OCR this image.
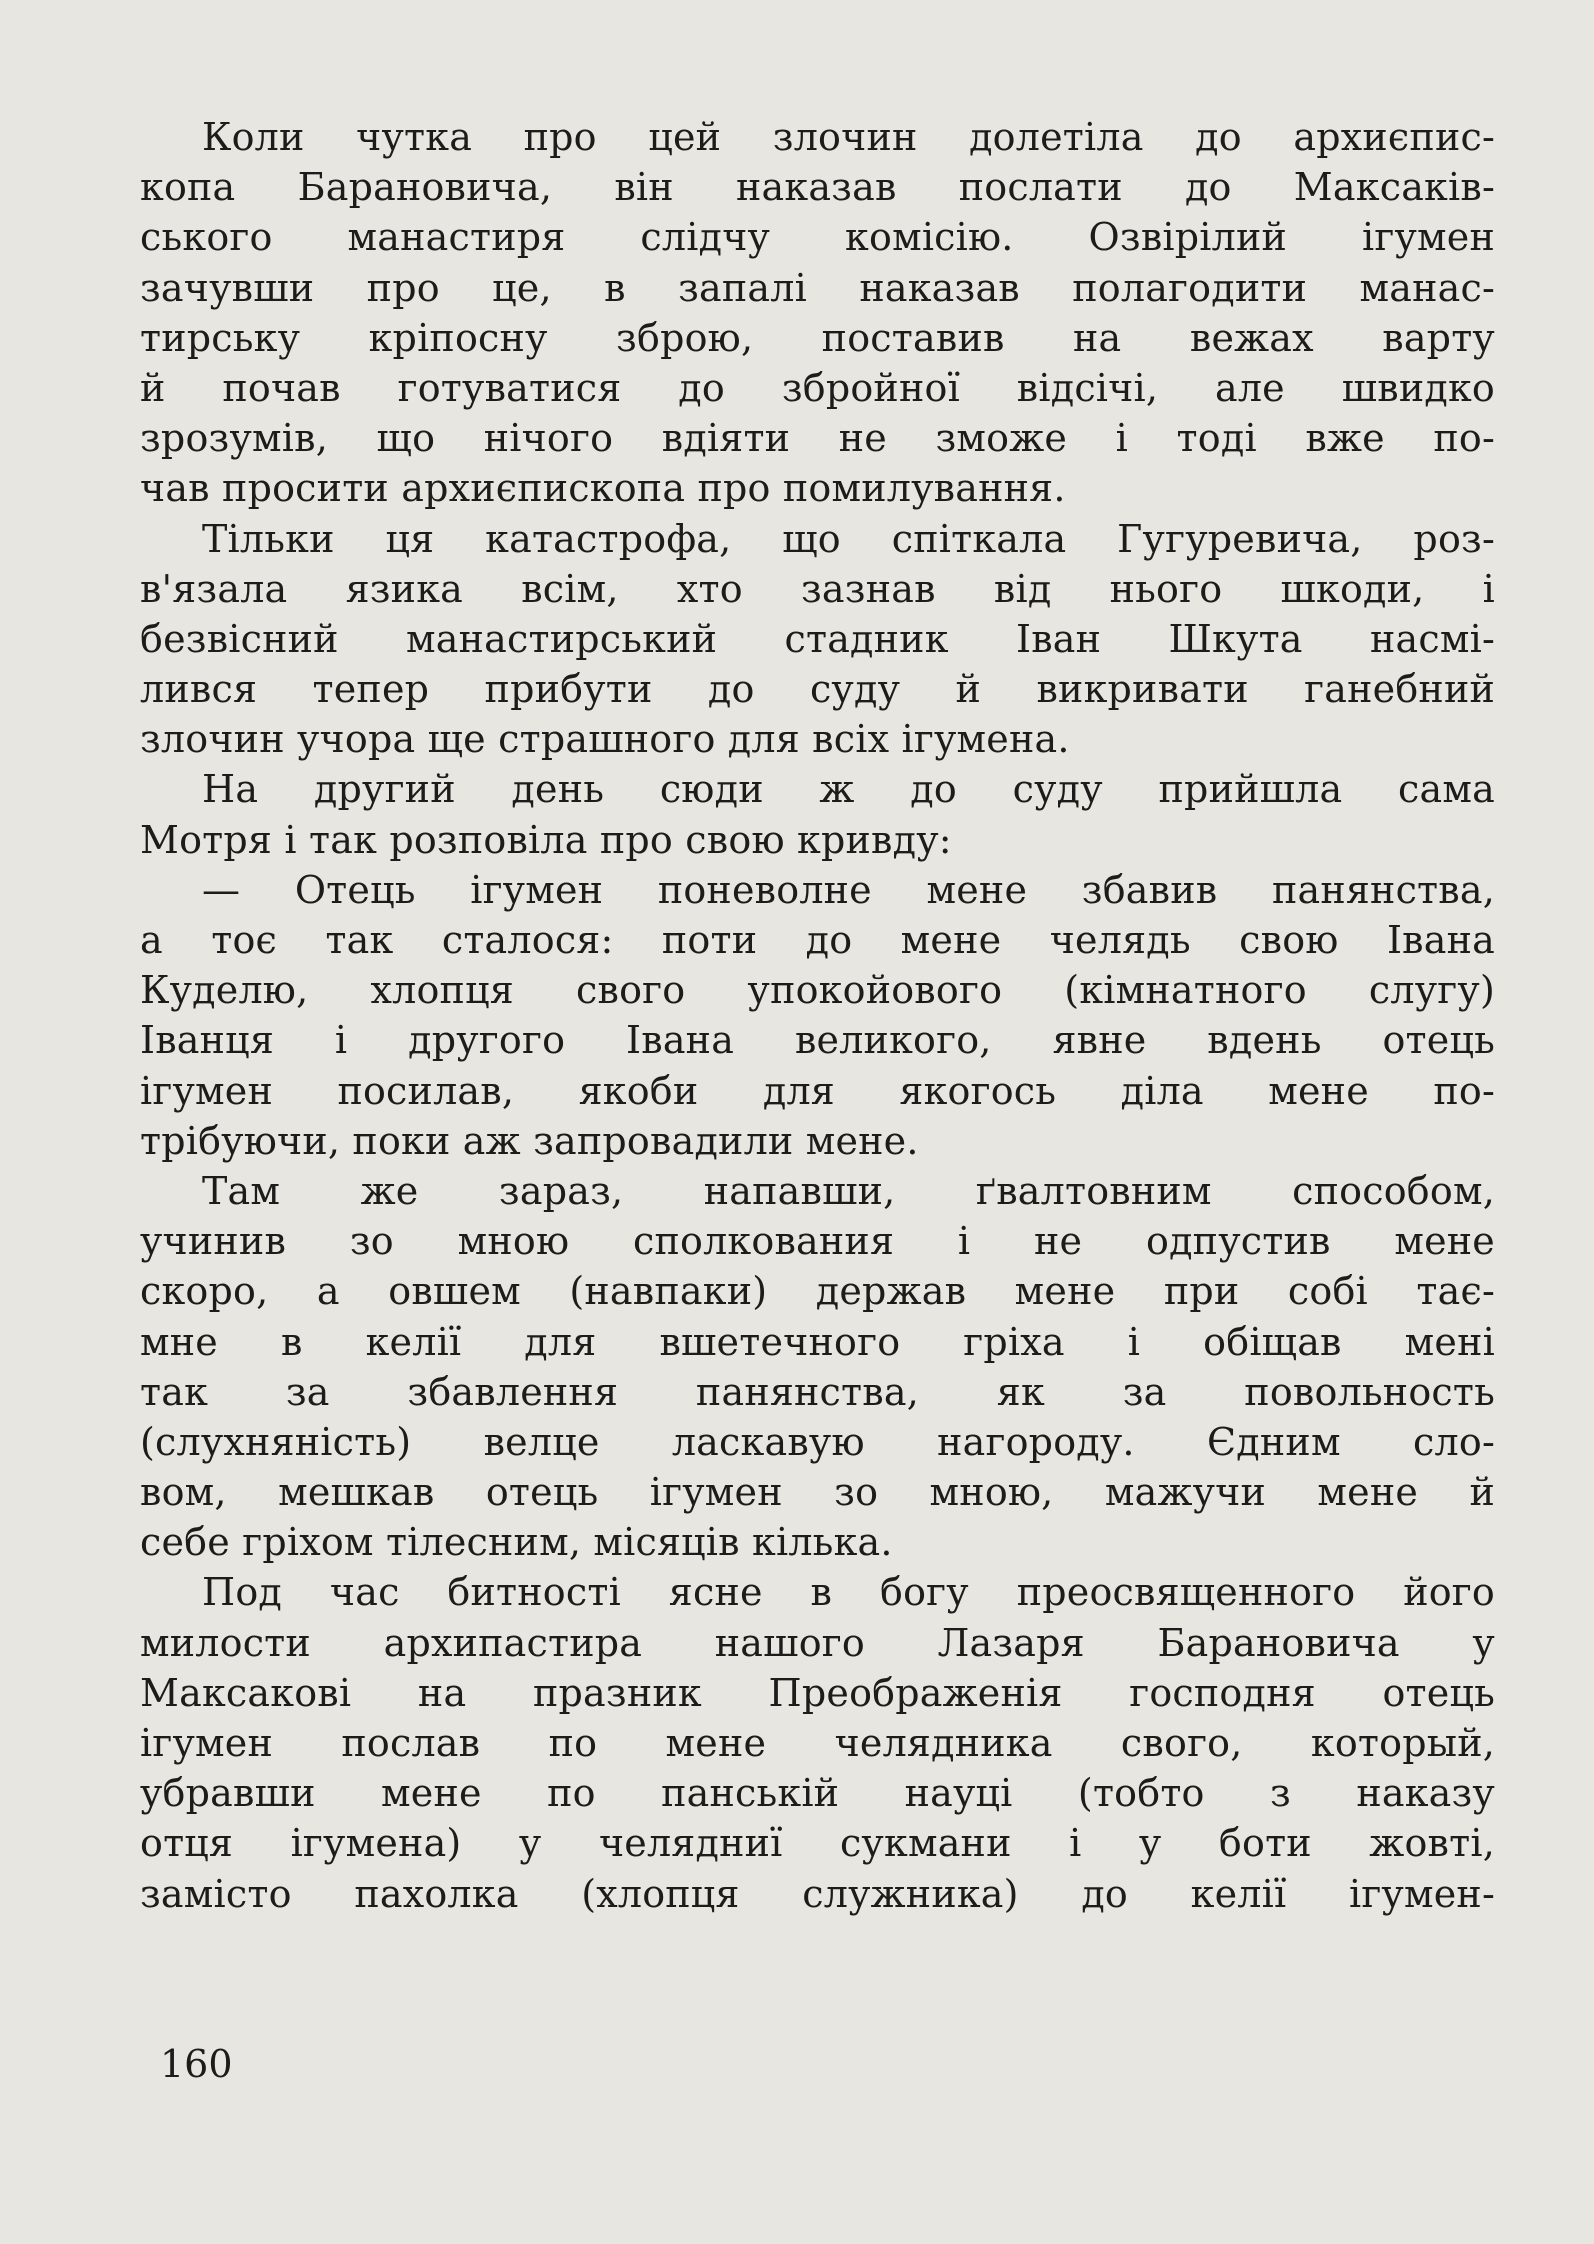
Коли чутка про цей злочин долетіла до архиєпис-
копа Барановича, він наказав послати до Максаків-
ського манастиря слідчу комісію. Озвірілий ігумен
зачувши про це, в запалі наказав полагодити манас-
тирську кріпосну зброю, поставив на вежах варту
й почав готуватися до збройної відсічі, але швидко
зрозумів, що нічого вдіяти не зможе і тоді вже по-
чав просити архиєпископа про помилування.
Тільки ця катастрофа, що спіткала Гугуревича, роз-
в'язала язика всім, хто зазнав від нього шкоди, і
безвісний манастирський стадник Іван Шкута насмі-
лився тепер прибути до суду й викривати ганебний
злочин учора ще страшного для всіх ігумена.
На другий день сюди ж до суду прийшла сама
Мотря і так розповіла про свою кривду:
— Отець ігумен поневолне мене збавив панянства,
а тоє так сталося: поти до мене челядь свою Івана
Куделю, хлопця свого упокойового (кімнатного слугу)
Іванця і другого Івана великого, явне вдень отець
ігумен посилав, якоби для якогось діла мене по-
трібуючи, поки аж запровадили мене.
Там же зараз, напавши, ґвалтовним способом,
учинив зо мною сполкования і не одпустив мене
скоро, а овшем (навпаки) держав мене при собі тає-
мне в келії для вшетечного гріха і обіщав мені
так за збавлення панянства, як за повольность
(слухняність) велце ласкавую нагороду. Єдним сло-
вом, мешкав отець ігумен зо мною, мажучи мене й
себе гріхом тілесним, місяців кілька.
Под час битності ясне в богу преосвященного його
милости архипастира нашого Лазаря Барановича у
Максакові на празник Преображенія господня отець
ігумен послав по мене челядника свого, который,
убравши мене по панській науці (тобто з наказу
отця ігумена) у челядниї сукмани і у боти жовті,
замісто пахолка (хлопця служника) до келії ігумен-
160
